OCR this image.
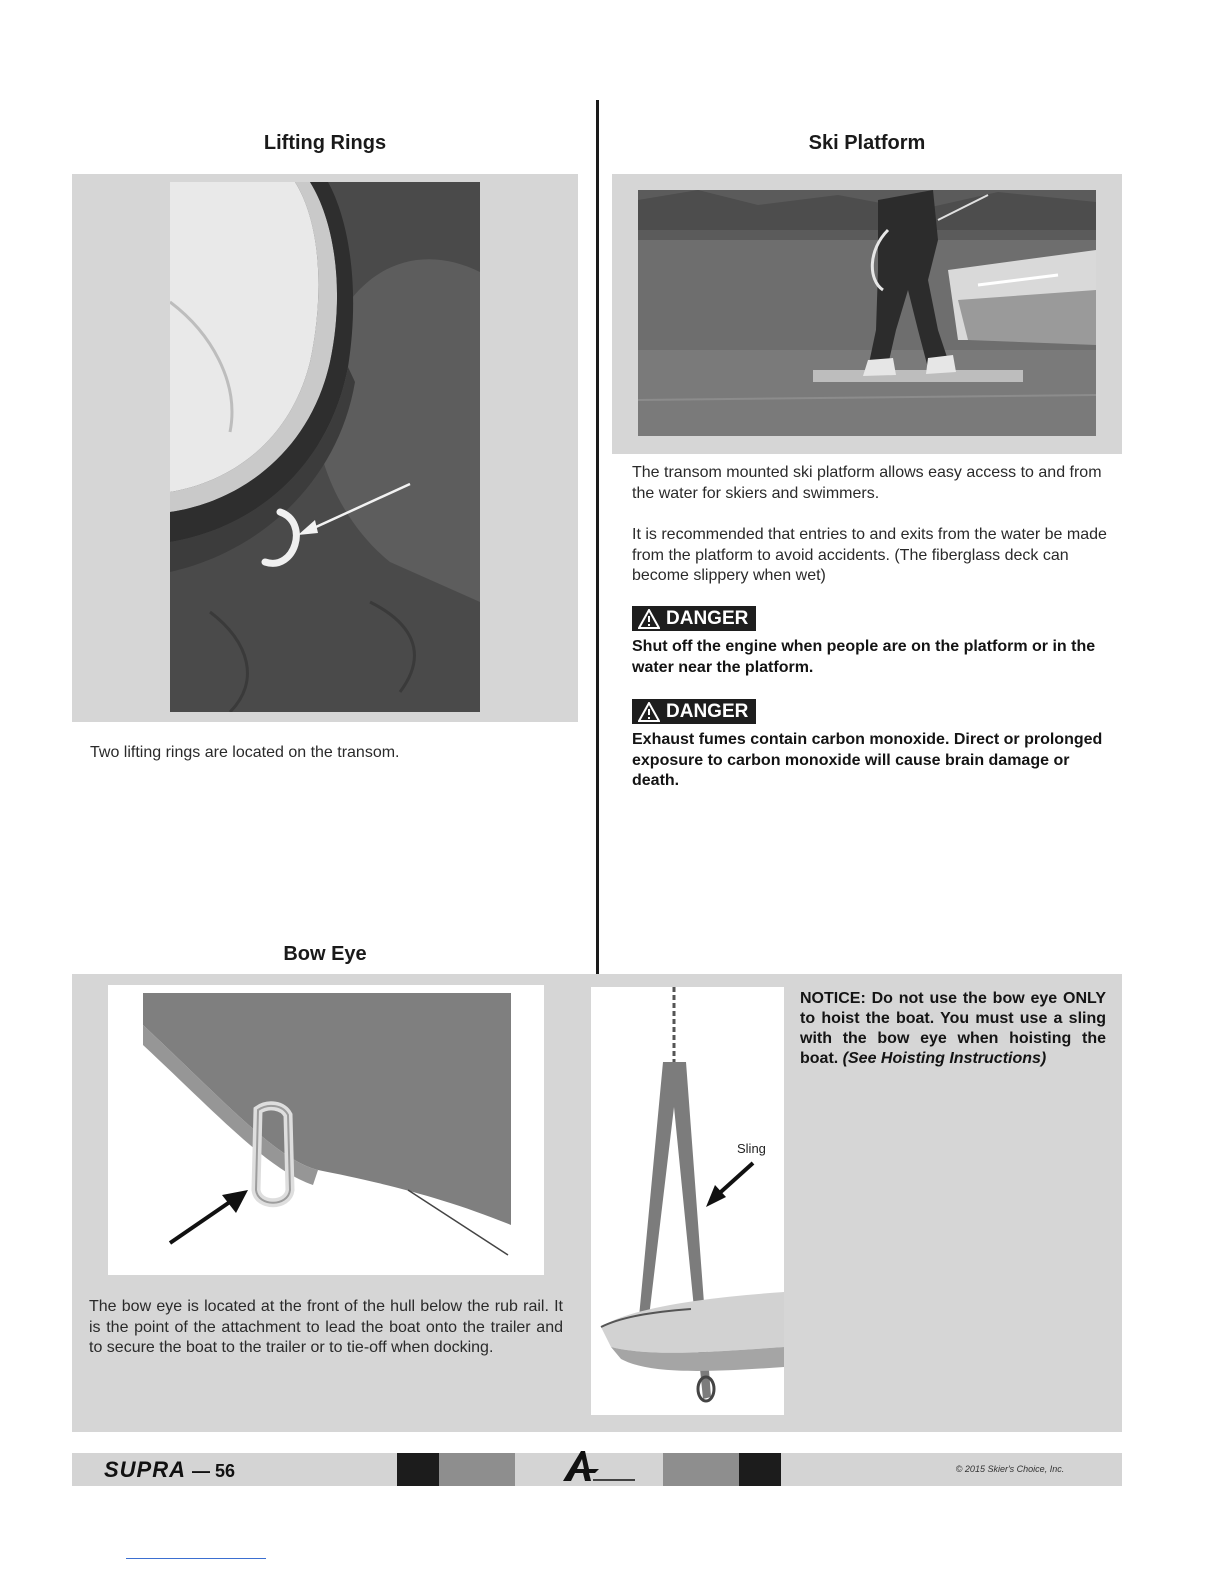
Lifting Rings
Two lifting rings are located on the transom.
Ski Platform
The transom mounted ski platform allows easy access to and from the water for skiers and swimmers.
It is recommended that entries to and exits from the water be made from the platform to avoid accidents. (The fiberglass deck can become slippery when wet)
DANGER
Shut off the engine when people are on the platform or in the water near the platform.
DANGER
Exhaust fumes contain carbon monoxide. Direct or prolonged exposure to carbon monoxide will cause brain damage or death.
Bow Eye
The bow eye is located at the front of the hull below the rub rail. It is the point of the attachment to lead the boat onto the trailer and to secure the boat to the trailer or to tie-off when docking.
Sling
NOTICE: Do not use the bow eye ONLY to hoist the boat. You must use a sling with the bow eye when hoisting the boat. (See Hoisting Instructions)
SUPRA — 56	© 2015 Skier's Choice, Inc.
